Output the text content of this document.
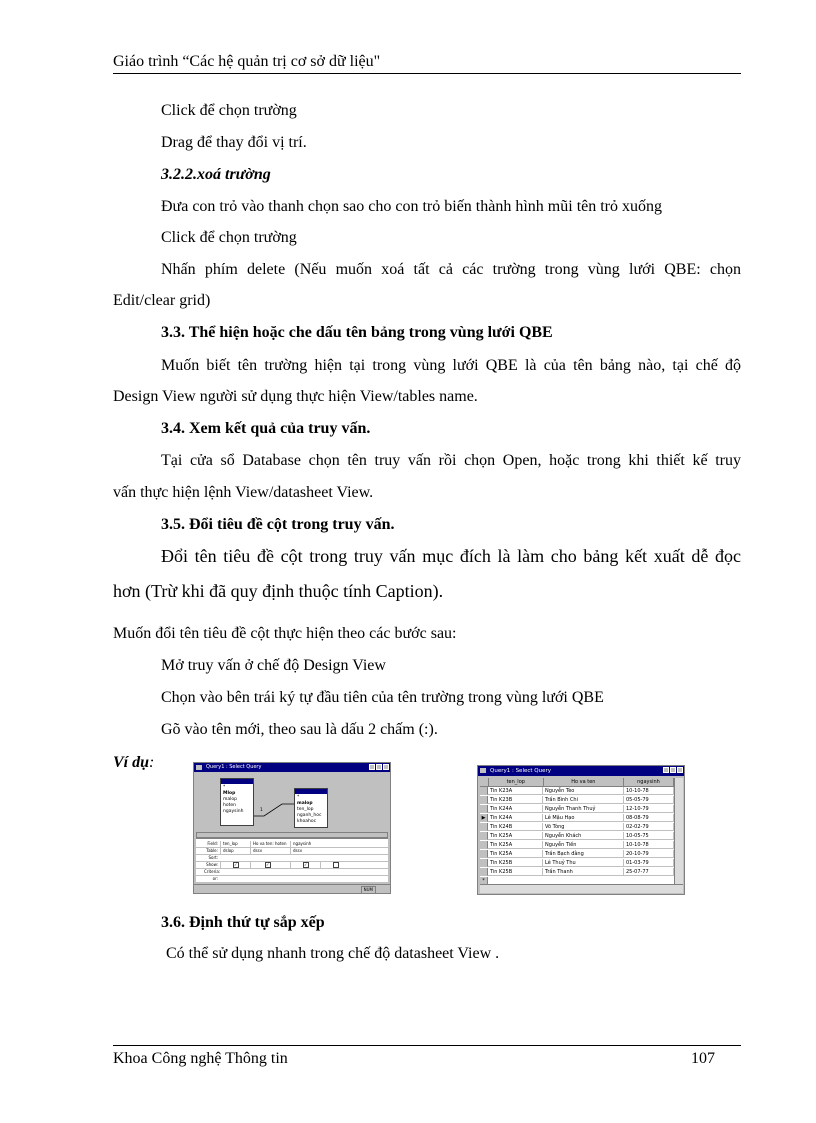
Giáo trình “Các hệ quản trị cơ sở dữ liệu"
Click để chọn trường
Drag để thay đổi vị trí.
3.2.2.xoá trường
Đưa con trỏ vào thanh chọn sao cho con trỏ biến thành hình mũi tên trỏ xuống
Click để chọn trường
Nhấn phím delete (Nếu muốn xoá tất cả các trường trong vùng lưới QBE: chọn
Edit/clear grid)
3.3. Thể hiện hoặc che dấu tên bảng trong vùng lưới QBE
Muốn biết tên trường hiện tại trong vùng lưới QBE là của tên bảng nào, tại chế độ
Design View người sử dụng thực hiện View/tables name.
3.4. Xem kết quả của truy vấn.
Tại cửa sổ Database chọn tên truy vấn rồi chọn Open, hoặc trong khi thiết kế truy
vấn thực hiện lệnh View/datasheet View.
3.5. Đổi tiêu đề cột trong truy vấn.
Đổi tên tiêu đề cột trong truy vấn mục đích là làm cho bảng kết xuất dễ đọc
hơn (Trừ khi đã quy định thuộc tính Caption).
Muốn đổi tên tiêu đề cột thực hiện theo các bước sau:
Mở truy vấn ở chế độ Design View
Chọn vào bên trái ký tự đầu tiên của tên trường trong vùng lưới QBE
Gõ vào tên mới, theo sau là dấu 2 chấm (:).
Ví dụ:	Query1 : Select Query
*
Mlop
malop
hoten
ngaysinh	1
*
malop
ten_lop
nganh_hoc
khoahoc
Field:	ten_lop	Ho va ten: hoten	ngaysinh
Table:	dslop	dssv	dssv
Sort:
Show:	✓	✓	✓
Criteria:
or:
NUM
Query1 : Select Query
ten_lop	Ho va ten	ngaysinh
Tin K23A	Nguyễn Tèo	10-10-78
Tin K23B	Trần Bình Chi	05-05-79
Tin K24A	Nguyễn Thanh Thuỷ	12-10-79
▶ Tin K24A	Lê Mậu Hạo	08-08-79
Tin K24B	Võ Tòng	02-02-79
Tin K25A	Nguyễn Khách	10-05-75
Tin K25A	Nguyễn Tiến	10-10-78
Tin K25A	Trần Bạch đằng	20-10-79
Tin K25B	Lê Thuỷ Thu	01-03-79
Tin K25B	Trần Thanh	25-07-77
*
3.6. Định thứ tự sắp xếp
Có thể sử dụng nhanh trong chế độ datasheet View .
Khoa Công nghệ Thông tin	107
